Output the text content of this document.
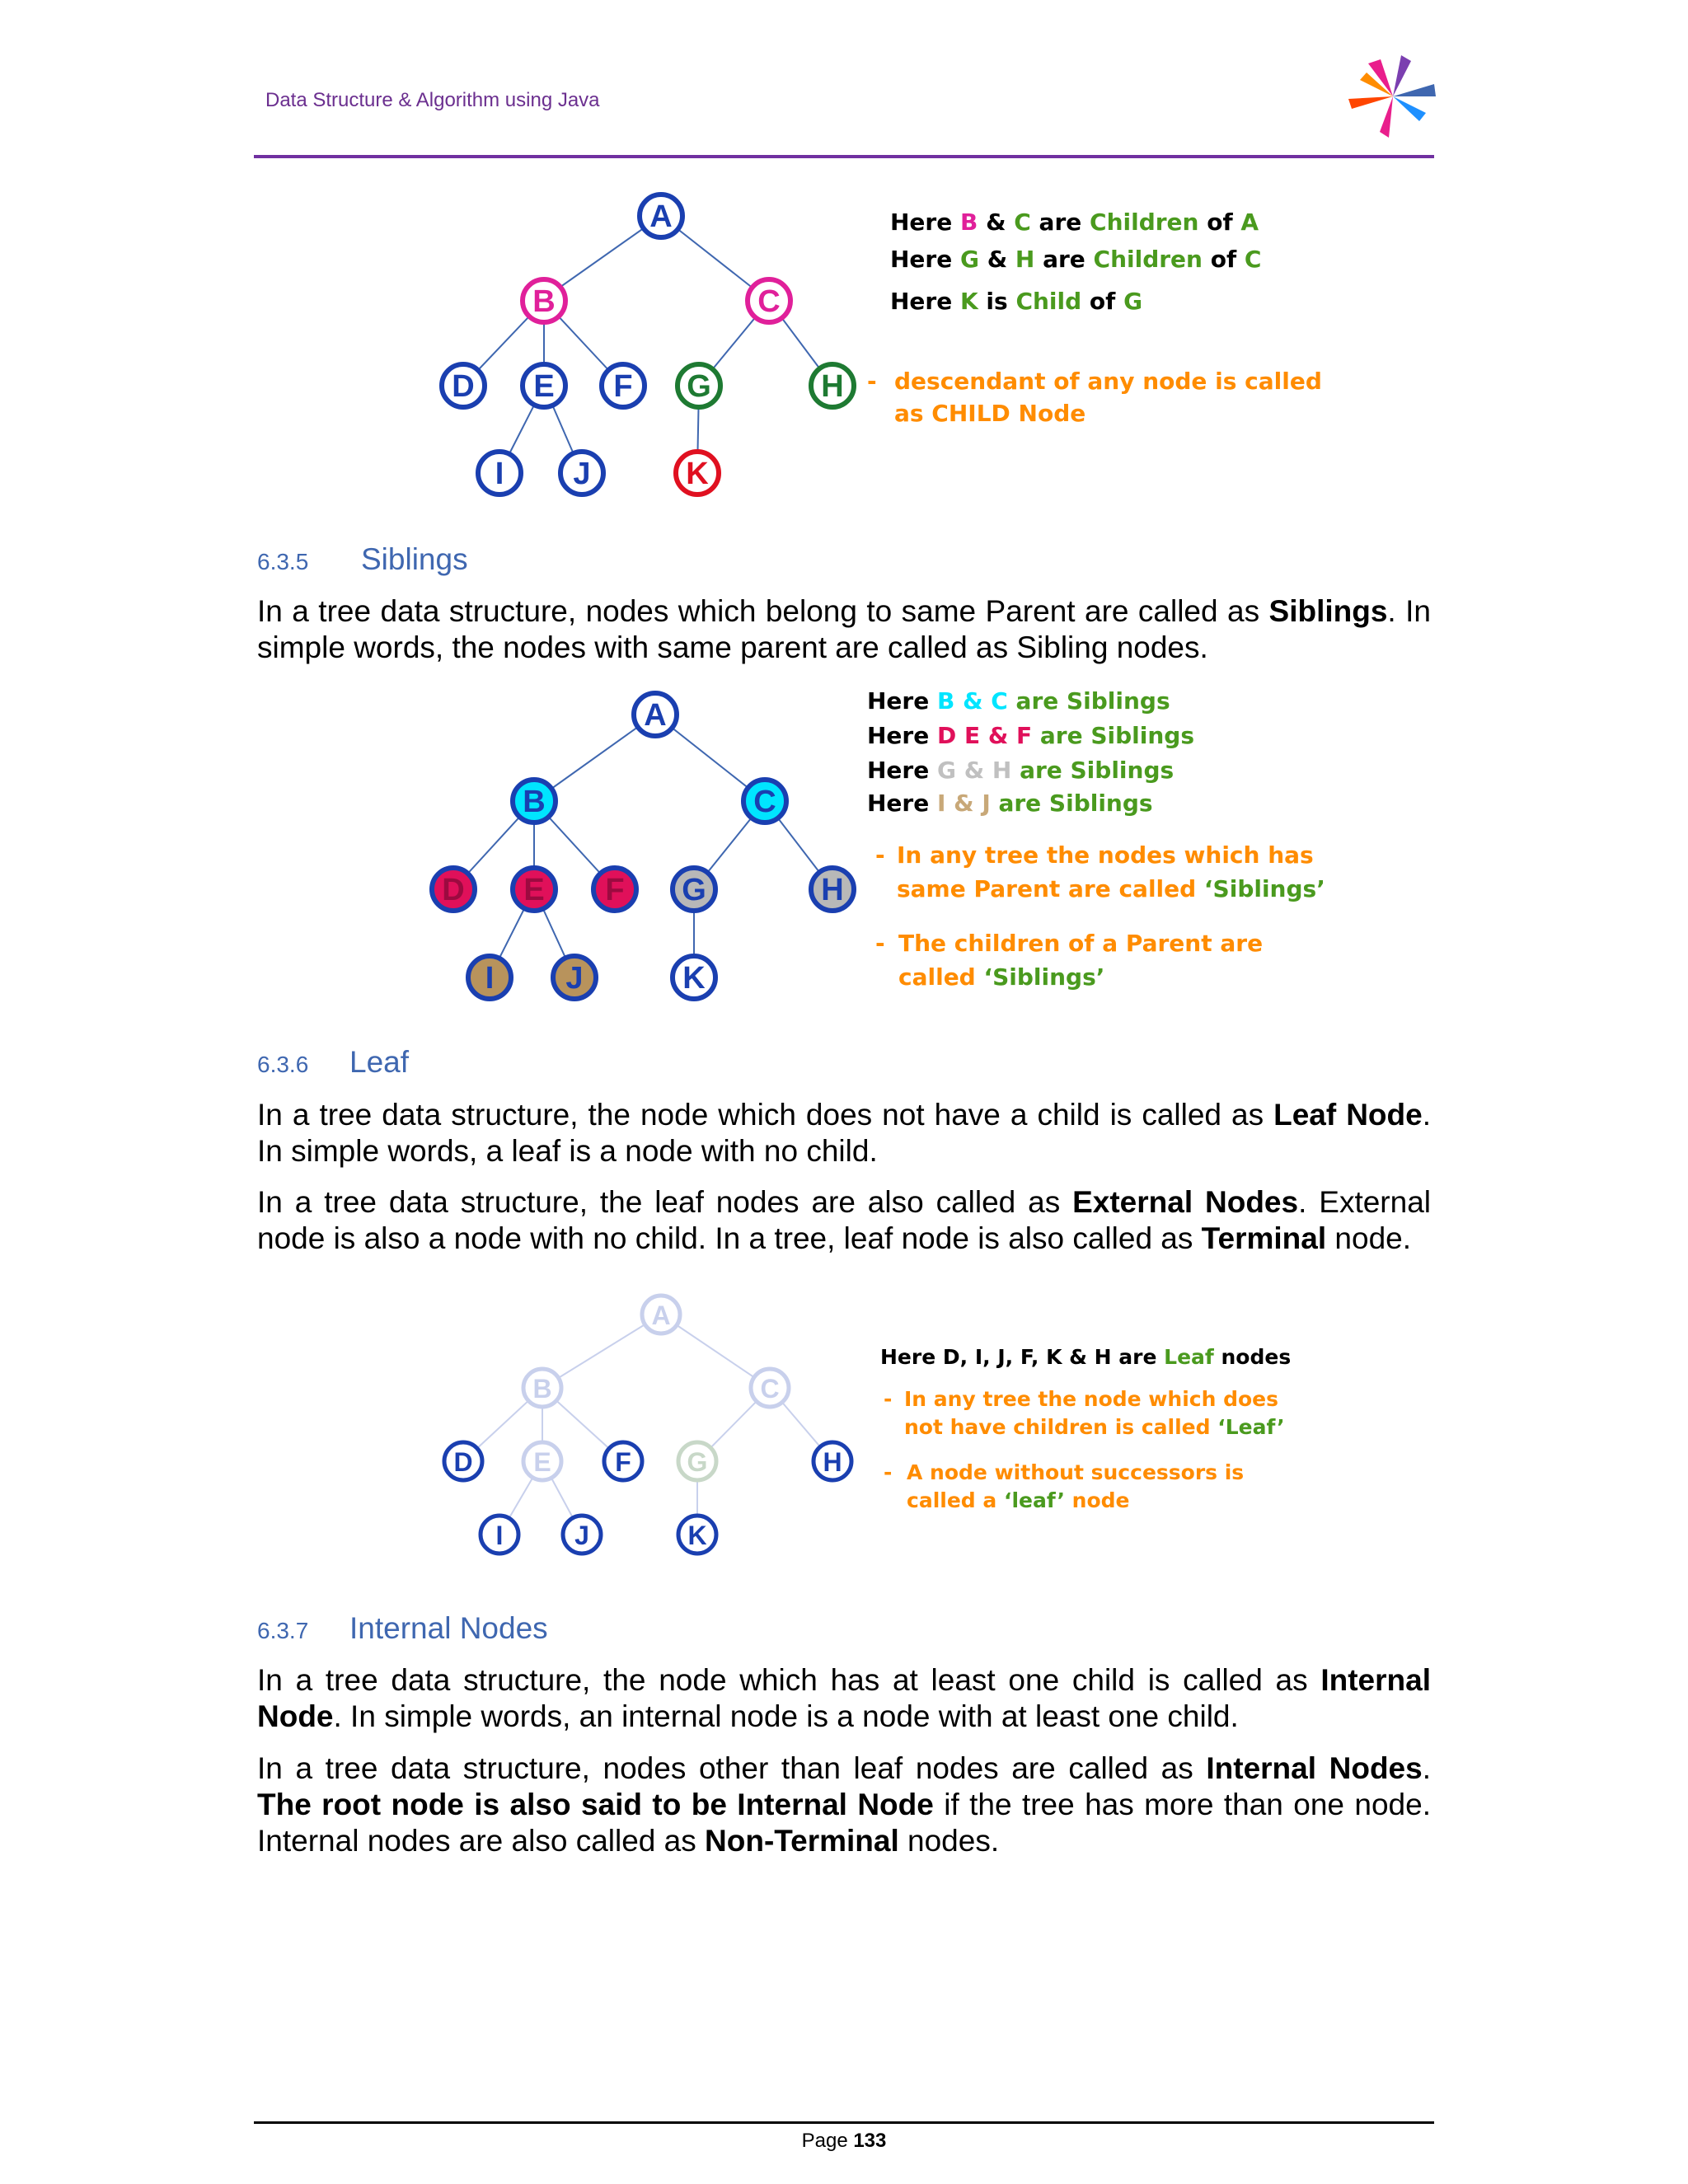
Data Structure & Algorithm using Java
A
B	C
D E F G	H
I J	K
Here B & C are Children of A
Here G & H are Children of C
Here K is Child of G
- descendant of any node is called
as CHILD Node
6.3.5 Siblings
In a tree data structure, nodes which belong to same Parent are called as Siblings. In simple words, the nodes with same parent are called as Sibling nodes.
A
B	C
D E F G	H
I J	K
Here B & C are Siblings
Here D E & F are Siblings
Here G & H are Siblings
Here I & J are Siblings
- In any tree the nodes which has
same Parent are called ‘Siblings’
- The children of a Parent are
called ‘Siblings’
6.3.6 Leaf
In a tree data structure, the node which does not have a child is called as Leaf Node. In simple words, a leaf is a node with no child.
In a tree data structure, the leaf nodes are also called as External Nodes. External node is also a node with no child. In a tree, leaf node is also called as Terminal node.
A
B	C
D E F G	H
I	J	K
Here D, I, J, F, K & H are Leaf nodes
- In any tree the node which does
not have children is called ‘Leaf’
- A node without successors is
called a ‘leaf’ node
6.3.7 Internal Nodes
In a tree data structure, the node which has at least one child is called as Internal Node. In simple words, an internal node is a node with at least one child.
In a tree data structure, nodes other than leaf nodes are called as Internal Nodes. The root node is also said to be Internal Node if the tree has more than one node. Internal nodes are also called as Non-Terminal nodes.
Page 133
